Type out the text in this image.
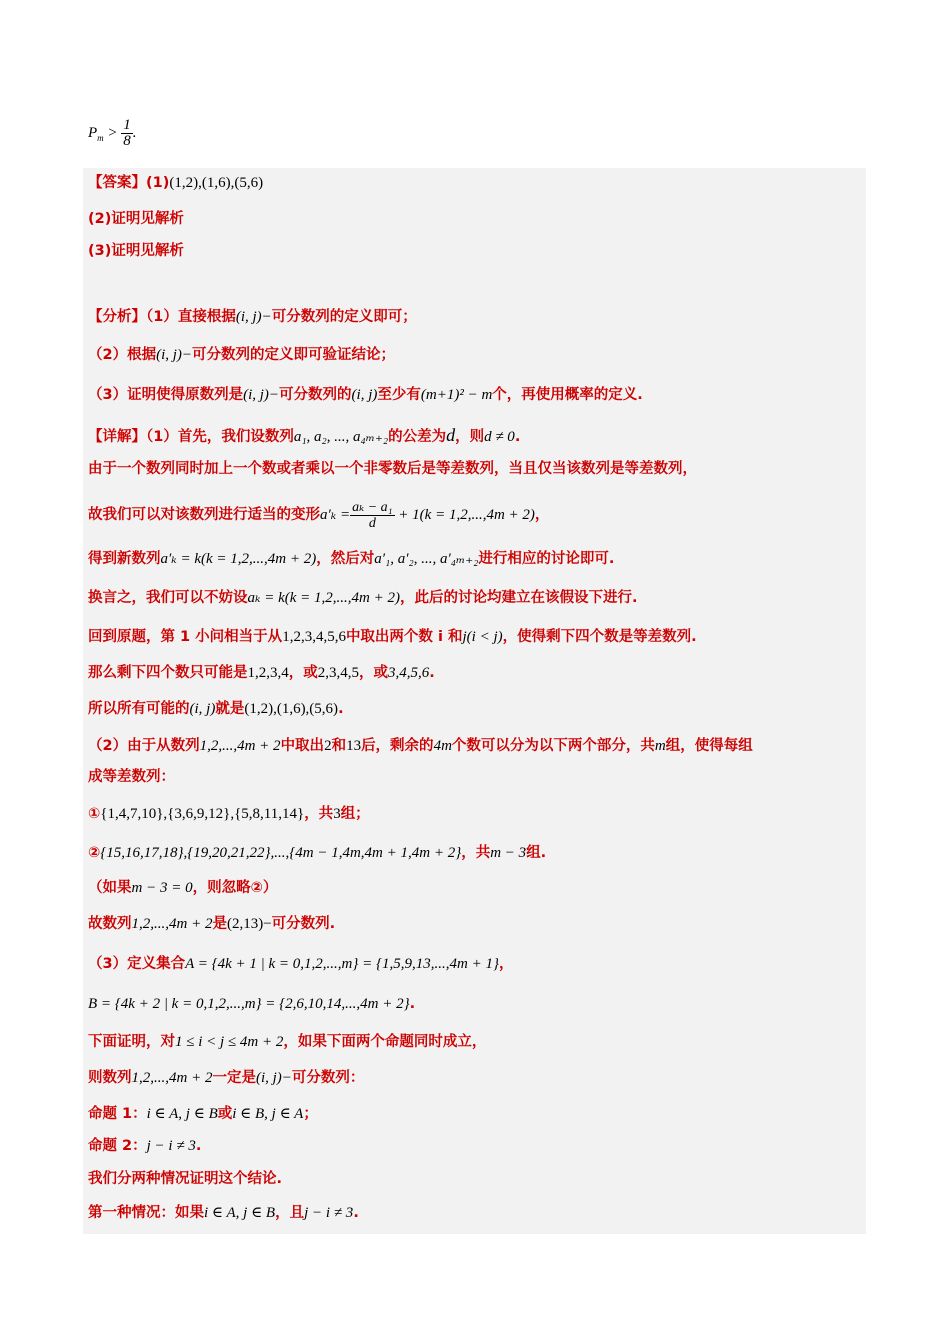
$P_m > \frac{1}{8}$ .
【答案】(1)(1,2),(1,6),(5,6)
(2)证明见解析
(3)证明见解析
【分析】（1）直接根据(i, j)−可分数列的定义即可；
（2）根据(i, j)−可分数列的定义即可验证结论；
（3）证明使得原数列是(i, j)−可分数列的(i, j)至少有(m+1)² − m个，再使用概率的定义.
【详解】（1）首先，我们设数列a₁, a₂, ..., a₄ₘ₊₂的公差为d，则d ≠ 0.
由于一个数列同时加上一个数或者乘以一个非零数后是等差数列，当且仅当该数列是等差数列，
故我们可以对该数列进行适当的变形$a'_k = \frac{\text{aₖ − a₁}}{d} + 1(k = 1,2,...,4m + 2)$，
得到新数列a′ₖ = k(k = 1,2,...,4m + 2)，然后对a′₁, a′₂, ..., a′₄ₘ₊₂进行相应的讨论即可.
换言之，我们可以不妨设aₖ = k(k = 1,2,...,4m + 2)，此后的讨论均建立在该假设下进行.
回到原题，第 1 小问相当于从1,2,3,4,5,6中取出两个数 i 和j(i < j)，使得剩下四个数是等差数列.
那么剩下四个数只可能是1,2,3,4，或2,3,4,5，或3,4,5,6.
所以所有可能的(i, j)就是(1,2),(1,6),(5,6).
（2）由于从数列1,2,...,4m + 2中取出2和13后，剩余的4m个数可以分为以下两个部分，共m组，使得每组
成等差数列：
①{1,4,7,10},{3,6,9,12},{5,8,11,14}，共3组；
②{15,16,17,18},{19,20,21,22},...,{4m − 1,4m,4m + 1,4m + 2}，共m − 3组.
（如果m − 3 = 0，则忽略②）
故数列1,2,...,4m + 2是(2,13)−可分数列.
（3）定义集合A = {4k + 1 | k = 0,1,2,...,m} = {1,5,9,13,...,4m + 1}，
B = {4k + 2 | k = 0,1,2,...,m} = {2,6,10,14,...,4m + 2}.
下面证明，对1 ≤ i < j ≤ 4m + 2，如果下面两个命题同时成立，
则数列1,2,...,4m + 2一定是(i, j)−可分数列：
命题 1：i ∈ A, j ∈ B或i ∈ B, j ∈ A；
命题 2：j − i ≠ 3.
我们分两种情况证明这个结论.
第一种情况：如果i ∈ A, j ∈ B，且j − i ≠ 3.
